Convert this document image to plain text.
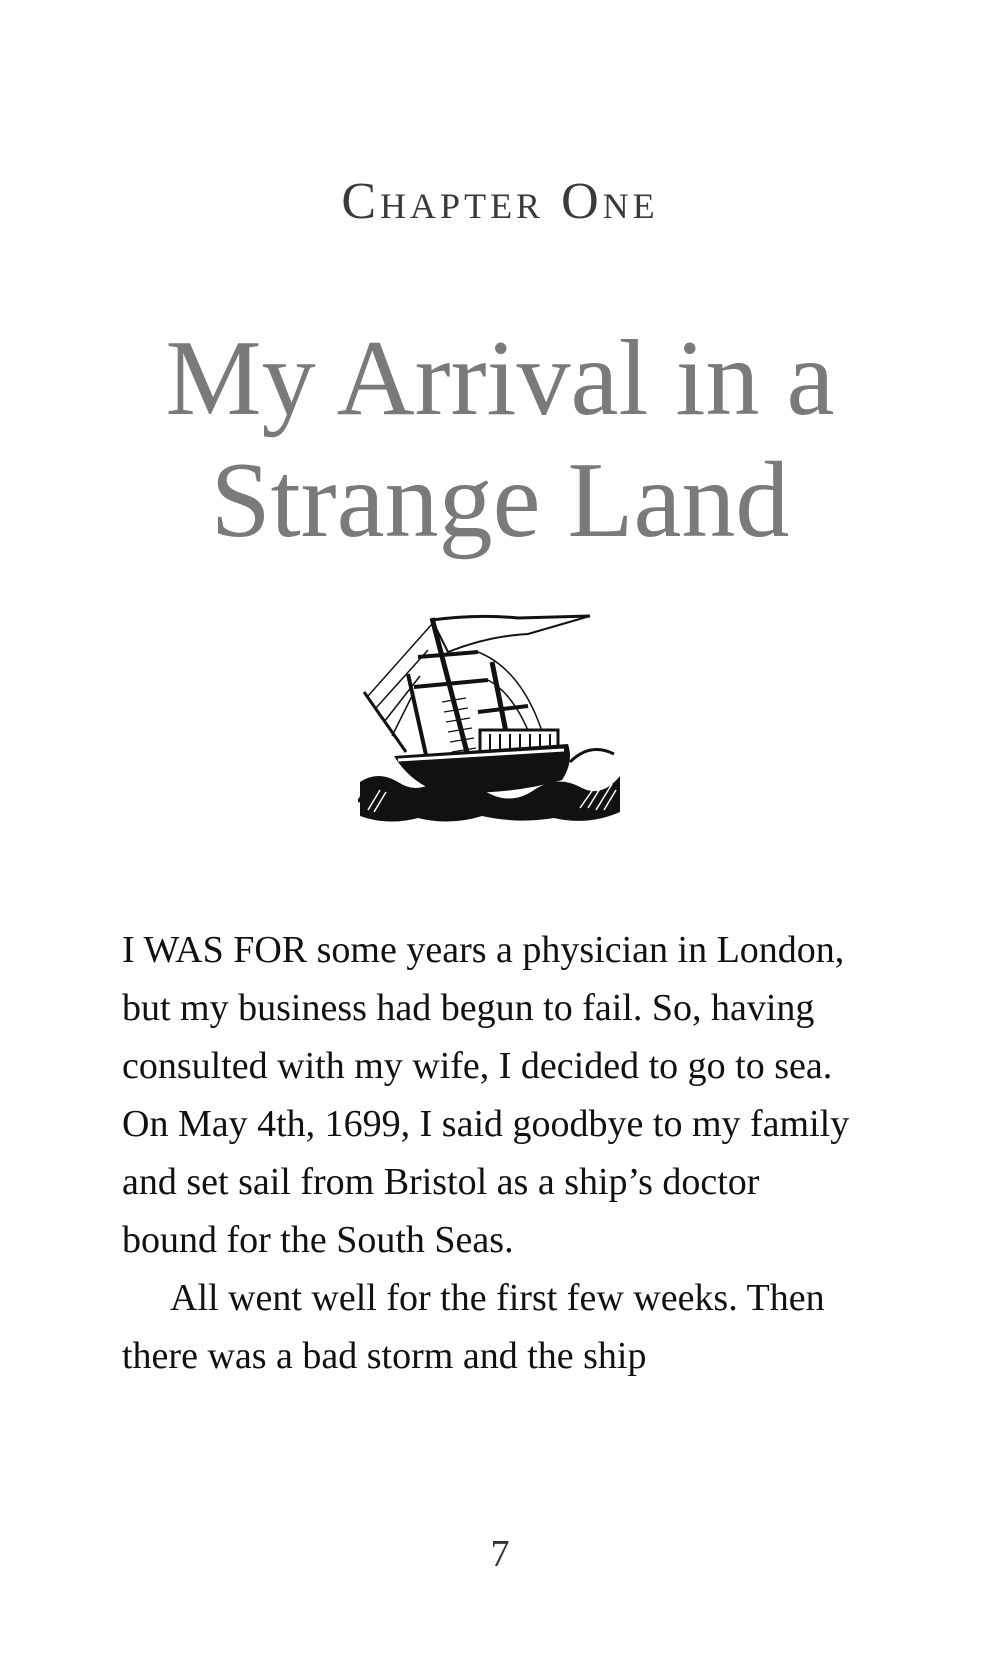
Chapter One
My Arrival in a Strange Land

I WAS FOR some years a physician in London, but my business had begun to fail. So, having consulted with my wife, I decided to go to sea. On May 4th, 1699, I said goodbye to my family and set sail from Bristol as a ship’s doctor bound for the South Seas.

All went well for the first few weeks. Then there was a bad storm and the ship

7
